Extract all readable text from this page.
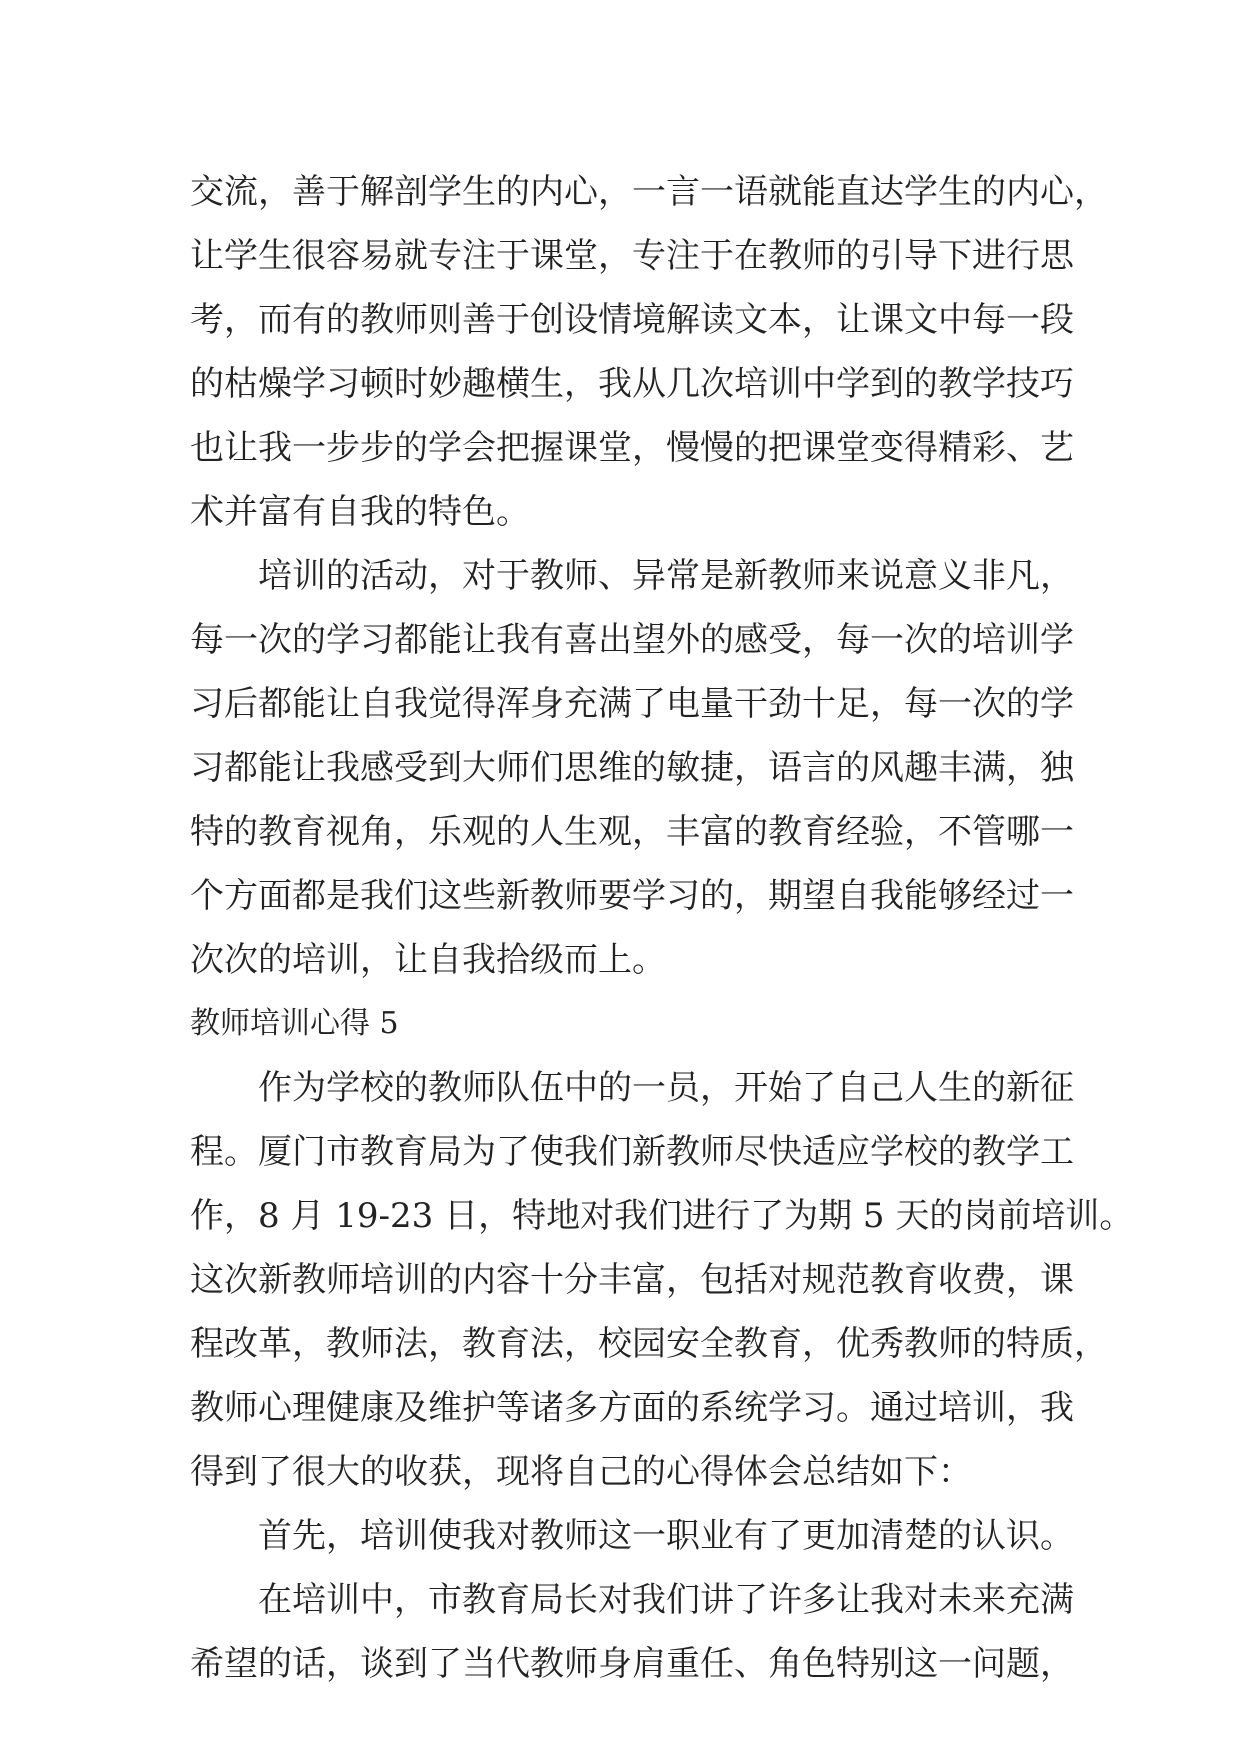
交流，善于解剖学生的内心，一言一语就能直达学生的内心，
让学生很容易就专注于课堂，专注于在教师的引导下进行思
考，而有的教师则善于创设情境解读文本，让课文中每一段
的枯燥学习顿时妙趣横生，我从几次培训中学到的教学技巧
也让我一步步的学会把握课堂，慢慢的把课堂变得精彩、艺
术并富有自我的特色。
培训的活动，对于教师、异常是新教师来说意义非凡，
每一次的学习都能让我有喜出望外的感受，每一次的培训学
习后都能让自我觉得浑身充满了电量干劲十足，每一次的学
习都能让我感受到大师们思维的敏捷，语言的风趣丰满，独
特的教育视角，乐观的人生观，丰富的教育经验，不管哪一
个方面都是我们这些新教师要学习的，期望自我能够经过一
次次的培训，让自我拾级而上。
教师培训心得 5
作为学校的教师队伍中的一员，开始了自己人生的新征
程。厦门市教育局为了使我们新教师尽快适应学校的教学工
作，8 月 19-23 日，特地对我们进行了为期 5 天的岗前培训。
这次新教师培训的内容十分丰富，包括对规范教育收费，课
程改革，教师法，教育法，校园安全教育，优秀教师的特质，
教师心理健康及维护等诸多方面的系统学习。通过培训，我
得到了很大的收获，现将自己的心得体会总结如下：
首先，培训使我对教师这一职业有了更加清楚的认识。
在培训中，市教育局长对我们讲了许多让我对未来充满
希望的话，谈到了当代教师身肩重任、角色特别这一问题，
